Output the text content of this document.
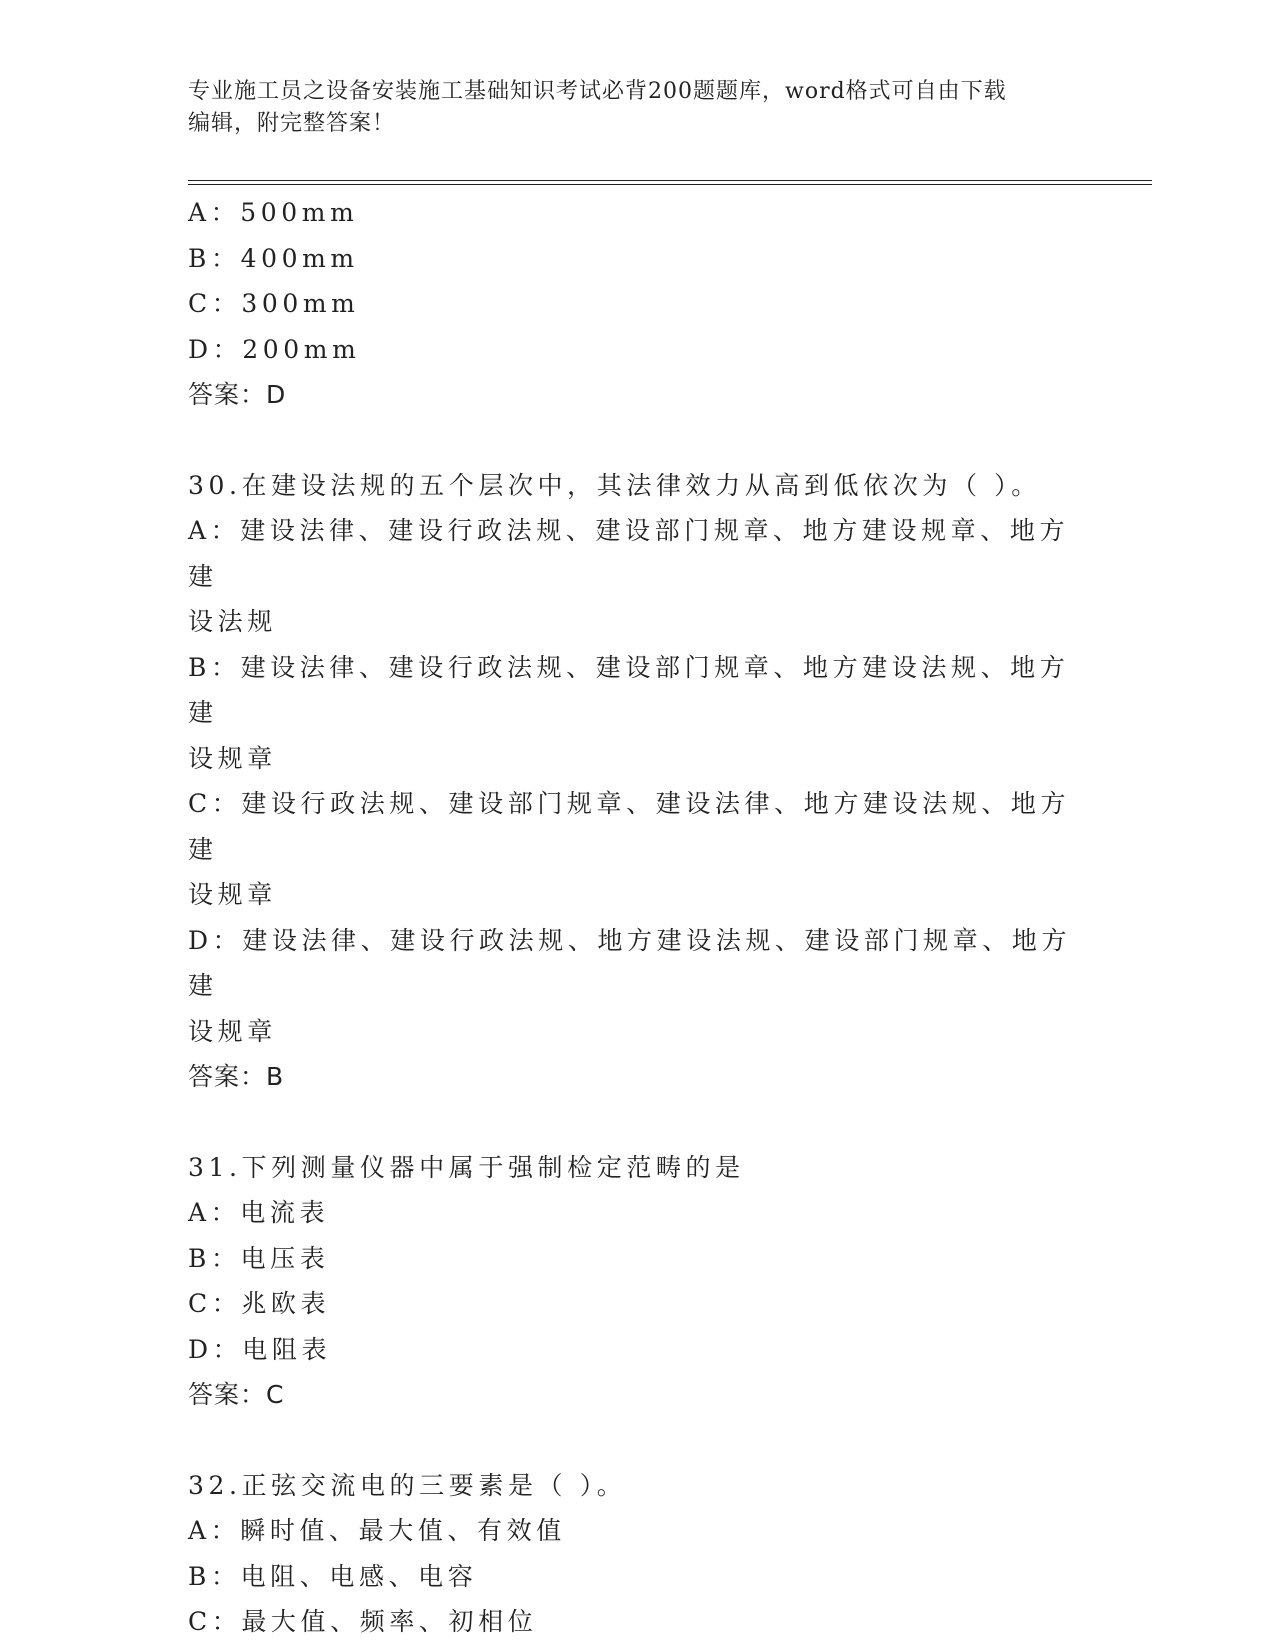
专业施工员之设备安装施工基础知识考试必背200题题库，word格式可自由下载
编辑，附完整答案！
A：500mm
B：400mm
C：300mm
D：200mm
答案：D
30.在建设法规的五个层次中，其法律效力从高到低依次为（ ）。
A：建设法律、建设行政法规、建设部门规章、地方建设规章、地方建
设法规
B：建设法律、建设行政法规、建设部门规章、地方建设法规、地方建
设规章
C：建设行政法规、建设部门规章、建设法律、地方建设法规、地方建
设规章
D：建设法律、建设行政法规、地方建设法规、建设部门规章、地方建
设规章
答案：B
31.下列测量仪器中属于强制检定范畴的是
A：电流表
B：电压表
C：兆欧表
D：电阻表
答案：C
32.正弦交流电的三要素是（ ）。
A：瞬时值、最大值、有效值
B：电阻、电感、电容
C：最大值、频率、初相位
